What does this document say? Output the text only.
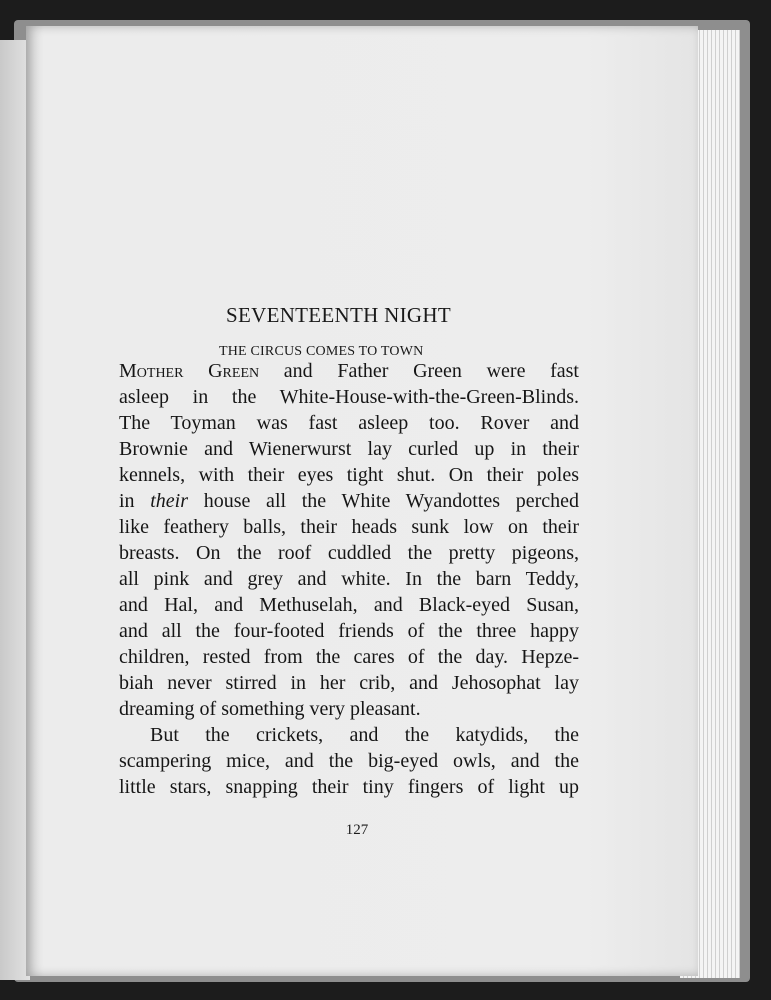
SEVENTEENTH NIGHT
THE CIRCUS COMES TO TOWN
Mother Green and Father Green were fast
asleep in the White-House-with-the-Green-Blinds.
The Toyman was fast asleep too. Rover and
Brownie and Wienerwurst lay curled up in their
kennels, with their eyes tight shut. On their poles
in their house all the White Wyandottes perched
like feathery balls, their heads sunk low on their
breasts. On the roof cuddled the pretty pigeons,
all pink and grey and white. In the barn Teddy,
and Hal, and Methuselah, and Black-eyed Susan,
and all the four-footed friends of the three happy
children, rested from the cares of the day. Hepze-
biah never stirred in her crib, and Jehosophat lay
dreaming of something very pleasant.
But the crickets, and the katydids, the
scampering mice, and the big-eyed owls, and the
little stars, snapping their tiny fingers of light up
127
